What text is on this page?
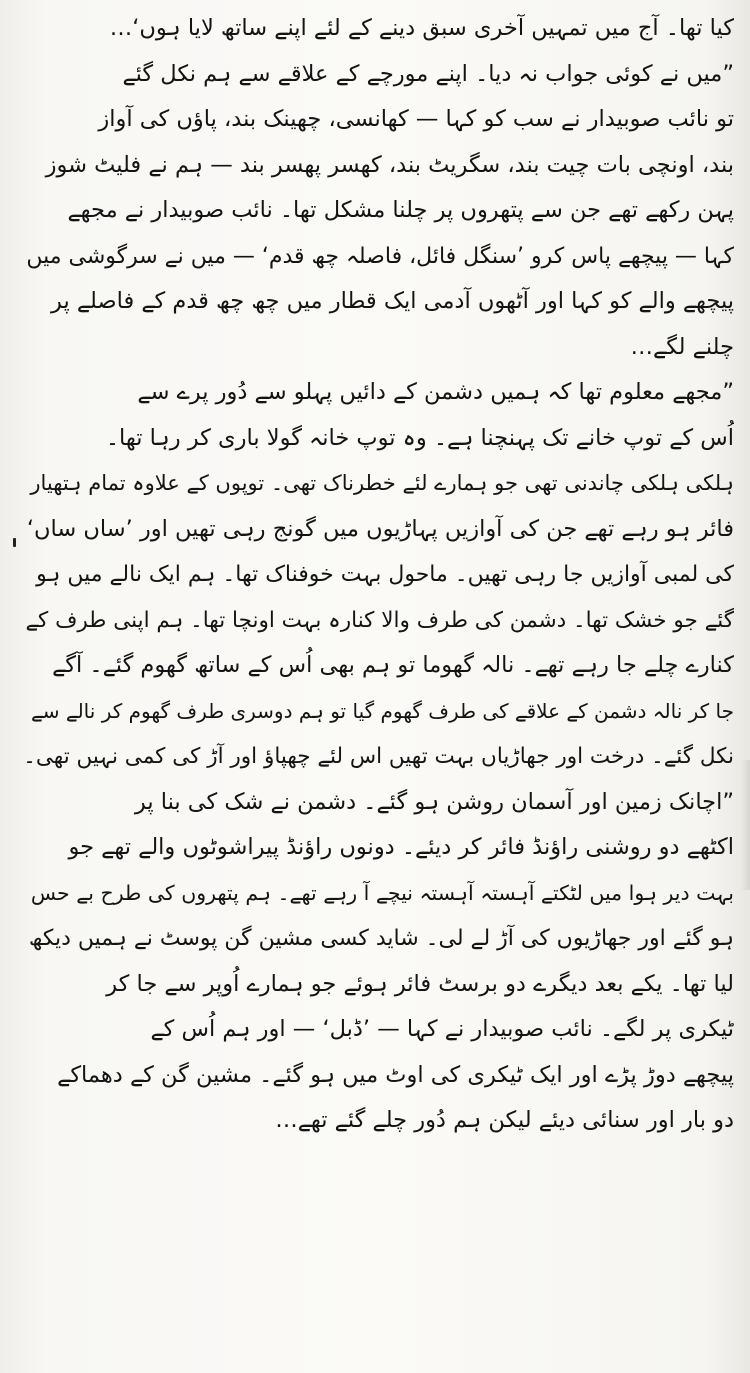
کیا تھا۔ آج میں تمہیں آخری سبق دینے کے لئے اپنے ساتھ لایا ہوں‘…
”میں نے کوئی جواب نہ دیا۔ اپنے مورچے کے علاقے سے ہم نکل گئے
تو نائب صوبیدار نے سب کو کہا — کھانسی، چھینک بند، پاؤں کی آواز
بند، اونچی بات چیت بند، سگریٹ بند، کھسر پھسر بند — ہم نے فلیٹ شوز
پہن رکھے تھے جن سے پتھروں پر چلنا مشکل تھا۔ نائب صوبیدار نے مجھے
کہا — پیچھے پاس کرو ’سنگل فائل، فاصلہ چھ قدم‘ — میں نے سرگوشی میں
پیچھے والے کو کہا اور آٹھوں آدمی ایک قطار میں چھ چھ قدم کے فاصلے پر
چلنے لگے…
”مجھے معلوم تھا کہ ہمیں دشمن کے دائیں پہلو سے دُور پرے سے
اُس کے توپ خانے تک پہنچنا ہے۔ وہ توپ خانہ گولا باری کر رہا تھا۔
ہلکی ہلکی چاندنی تھی جو ہمارے لئے خطرناک تھی۔ توپوں کے علاوہ تمام ہتھیار
فائر ہو رہے تھے جن کی آوازیں پہاڑیوں میں گونج رہی تھیں اور ’ساں ساں‘
کی لمبی آوازیں جا رہی تھیں۔ ماحول بہت خوفناک تھا۔ ہم ایک نالے میں ہو
گئے جو خشک تھا۔ دشمن کی طرف والا کنارہ بہت اونچا تھا۔ ہم اپنی طرف کے
کنارے چلے جا رہے تھے۔ نالہ گھوما تو ہم بھی اُس کے ساتھ گھوم گئے۔ آگے
جا کر نالہ دشمن کے علاقے کی طرف گھوم گیا تو ہم دوسری طرف گھوم کر نالے سے
نکل گئے۔ درخت اور جھاڑیاں بہت تھیں اس لئے چھپاؤ اور آڑ کی کمی نہیں تھی۔
”اچانک زمین اور آسمان روشن ہو گئے۔ دشمن نے شک کی بنا پر
اکٹھے دو روشنی راؤنڈ فائر کر دیئے۔ دونوں راؤنڈ پیراشوٹوں والے تھے جو
بہت دیر ہوا میں لٹکتے آہستہ آہستہ نیچے آ رہے تھے۔ ہم پتھروں کی طرح بے حس
ہو گئے اور جھاڑیوں کی آڑ لے لی۔ شاید کسی مشین گن پوسٹ نے ہمیں دیکھ
لیا تھا۔ یکے بعد دیگرے دو برسٹ فائر ہوئے جو ہمارے اُوپر سے جا کر
ٹیکری پر لگے۔ نائب صوبیدار نے کہا — ’ڈبل‘ — اور ہم اُس کے
پیچھے دوڑ پڑے اور ایک ٹیکری کی اوٹ میں ہو گئے۔ مشین گن کے دھماکے
دو بار اور سنائی دیئے لیکن ہم دُور چلے گئے تھے…
